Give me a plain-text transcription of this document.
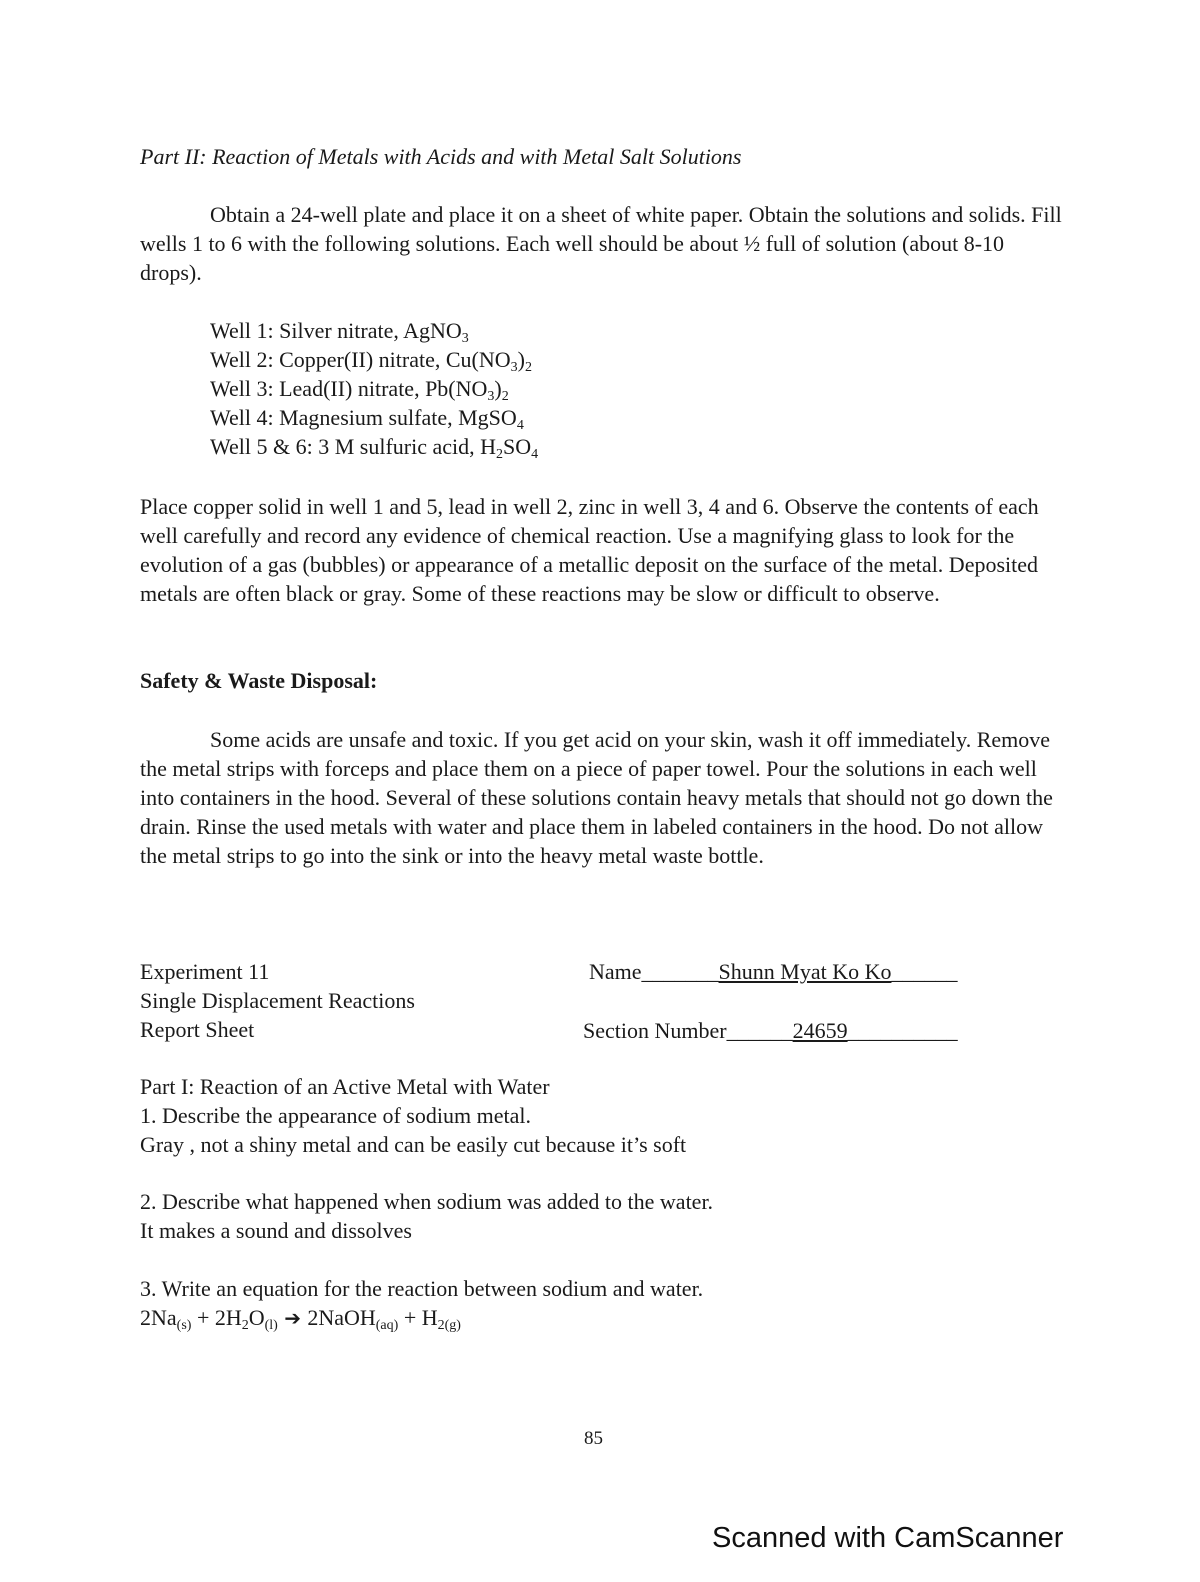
Part II: Reaction of Metals with Acids and with Metal Salt Solutions

Obtain a 24-well plate and place it on a sheet of white paper. Obtain the solutions and solids. Fill wells 1 to 6 with the following solutions. Each well should be about ½ full of solution (about 8-10 drops).

Well 1: Silver nitrate, AgNO$_3$
Well 2: Copper(II) nitrate, $Cu(NO_3)_2$
Well 3: Lead(II) nitrate, $Pb(NO_3)_2$
Well 4: Magnesium sulfate, MgSO$_4$
Well 5 & 6: 3 M sulfuric acid, $H_2SO_4$

Place copper solid in well 1 and 5, lead in well 2, zinc in well 3, 4 and 6. Observe the contents of each well carefully and record any evidence of chemical reaction. Use a magnifying glass to look for the evolution of a gas (bubbles) or appearance of a metallic deposit on the surface of the metal. Deposited metals are often black or gray. Some of these reactions may be slow or difficult to observe.

Safety & Waste Disposal:

Some acids are unsafe and toxic. If you get acid on your skin, wash it off immediately. Remove the metal strips with forceps and place them on a piece of paper towel. Pour the solutions in each well into containers in the hood. Several of these solutions contain heavy metals that should not go down the drain. Rinse the used metals with water and place them in labeled containers in the hood. Do not allow the metal strips to go into the sink or into the heavy metal waste bottle.

Experiment 11
Single Displacement Reactions
Report Sheet
Name_______Shunn Myat Ko Ko______
Section Number______24659__________
Part I: Reaction of an Active Metal with Water
1. Describe the appearance of sodium metal.
Gray , not a shiny metal and can be easily cut because it’s soft
2. Describe what happened when sodium was added to the water.
It makes a sound and dissolves
3. Write an equation for the reaction between sodium and water.
$2Na_{(s)} + 2H_2O_{(l)}$ ➔ 2NaOH$_{(aq)}$ + $H_{2(g)}$
85
Scanned with CamScanner
